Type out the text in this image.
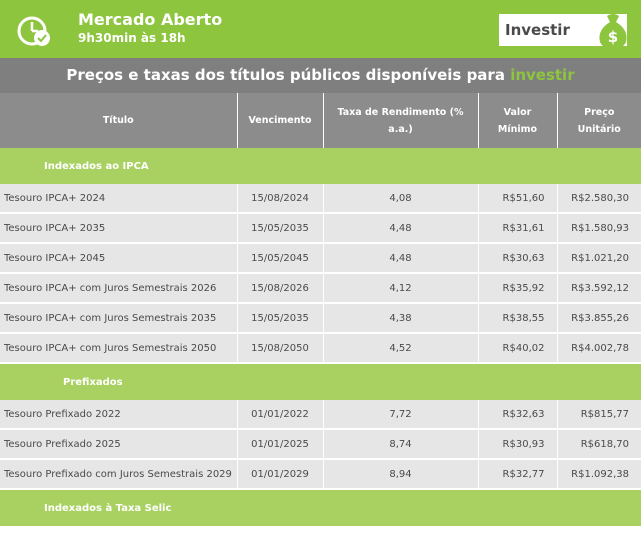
Mercado Aberto
9h30min às 18h	Investir	$
Preços e taxas dos títulos públicos disponíveis para investir
Título	Vencimento	Taxa de Rendimento (% a.a.)	Valor Mínimo	Preço Unitário
Indexados ao IPCA				
Tesouro IPCA+ 2024	15/08/2024	4,08	R$51,60	R$2.580,30
Tesouro IPCA+ 2035	15/05/2035	4,48	R$31,61	R$1.580,93
Tesouro IPCA+ 2045	15/05/2045	4,48	R$30,63	R$1.021,20
Tesouro IPCA+ com Juros Semestrais 2026	15/08/2026	4,12	R$35,92	R$3.592,12
Tesouro IPCA+ com Juros Semestrais 2035	15/05/2035	4,38	R$38,55	R$3.855,26
Tesouro IPCA+ com Juros Semestrais 2050	15/08/2050	4,52	R$40,02	R$4.002,78
Prefixados				
Tesouro Prefixado 2022	01/01/2022	7,72	R$32,63	R$815,77
Tesouro Prefixado 2025	01/01/2025	8,74	R$30,93	R$618,70
Tesouro Prefixado com Juros Semestrais 2029	01/01/2029	8,94	R$32,77	R$1.092,38
Indexados à Taxa Selic				
